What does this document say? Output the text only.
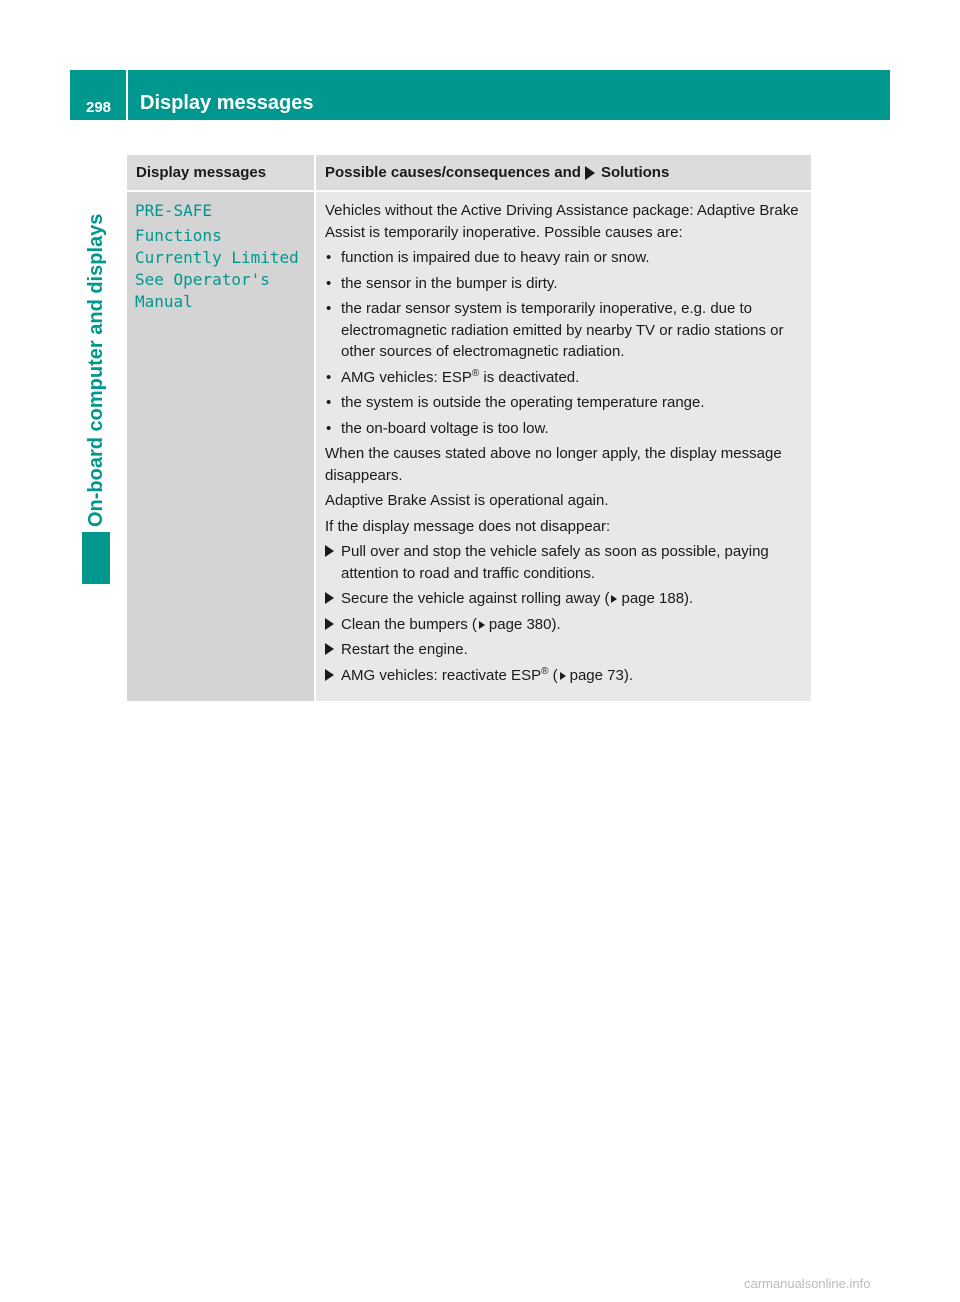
298	Display messages
On-board computer and displays
Display messages	Possible causes/consequences and Solutions
PRE-SAFE
Functions
Currently Limited
See Operator's
Manual

Vehicles without the Active Driving Assistance package: Adaptive Brake Assist is temporarily inoperative. Possible causes are:

• function is impaired due to heavy rain or snow.
• the sensor in the bumper is dirty.
• the radar sensor system is temporarily inoperative, e.g. due to electromagnetic radiation emitted by nearby TV or radio stations or other sources of electromagnetic radiation.
• AMG vehicles: ESP® is deactivated.
• the system is outside the operating temperature range.
• the on-board voltage is too low.

When the causes stated above no longer apply, the display message disappears.

Adaptive Brake Assist is operational again.

If the display message does not disappear:

Pull over and stop the vehicle safely as soon as possible, paying attention to road and traffic conditions.
Secure the vehicle against rolling away ( page 188).
Clean the bumpers ( page 380).
Restart the engine.
AMG vehicles: reactivate ESP® ( page 73).
carmanualsonline.info
